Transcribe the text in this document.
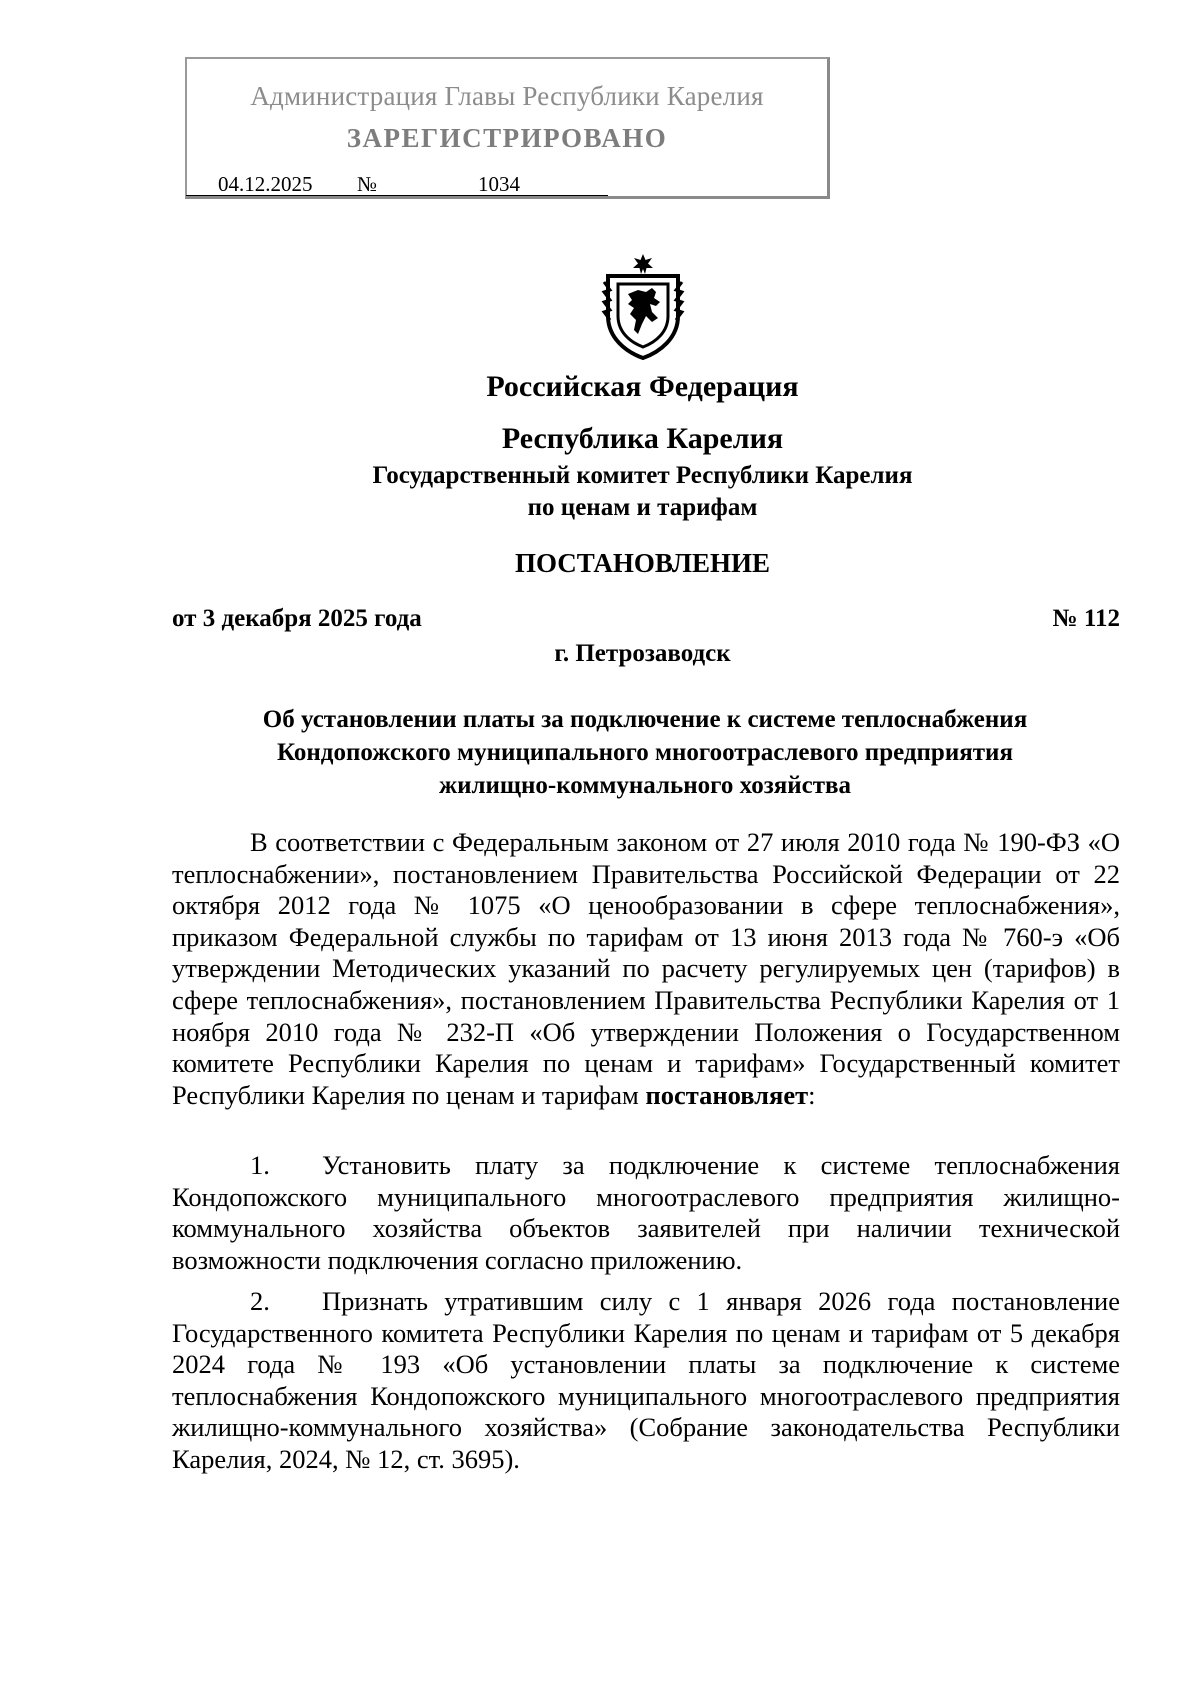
Администрация Главы Республики Карелия
ЗАРЕГИСТРИРОВАНО
04.12.2025 №	1034
Российская Федерация
Республика Карелия
Государственный комитет Республики Карелия
по ценам и тарифам
ПОСТАНОВЛЕНИЕ
от 3 декабря 2025 года	№ 112
г. Петрозаводск
Об установлении платы за подключение к системе теплоснабжения
Кондопожского муниципального многоотраслевого предприятия
жилищно-коммунального хозяйства
В соответствии с Федеральным законом от 27 июля 2010 года № 190-ФЗ «О теплоснабжении», постановлением Правительства Российской Федерации от 22 октября 2012 года № 1075 «О ценообразовании в сфере теплоснабжения», приказом Федеральной службы по тарифам от 13 июня 2013 года № 760-э «Об утверждении Методических указаний по расчету регулируемых цен (тарифов) в сфере теплоснабжения», постановлением Правительства Республики Карелия от 1 ноября 2010 года № 232-П «Об утверждении Положения о Государственном комитете Республики Карелия по ценам и тарифам» Государственный комитет Республики Карелия по ценам и тарифам постановляет:
1. Установить плату за подключение к системе теплоснабжения Кондопожского муниципального многоотраслевого предприятия жилищно-коммунального хозяйства объектов заявителей при наличии технической возможности подключения согласно приложению.
2. Признать утратившим силу с 1 января 2026 года постановление Государственного комитета Республики Карелия по ценам и тарифам от 5 декабря 2024 года № 193 «Об установлении платы за подключение к системе теплоснабжения Кондопожского муниципального многоотраслевого предприятия жилищно-коммунального хозяйства» (Собрание законодательства Республики Карелия, 2024, № 12, ст. 3695).
